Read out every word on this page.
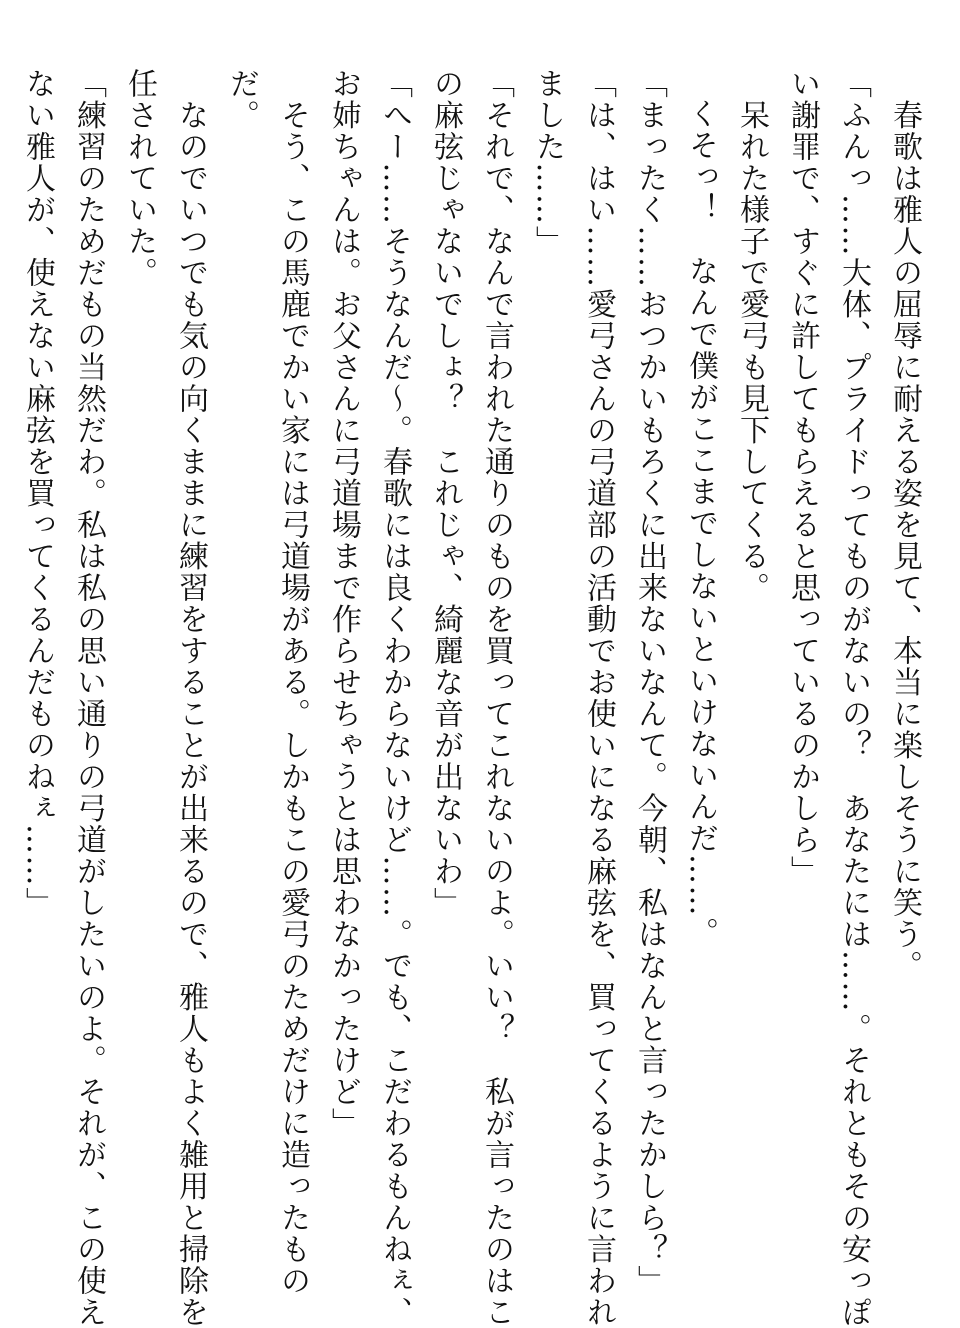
　春歌は雅人の屈辱に耐える姿を見て、本当に楽しそうに笑う。
「ふんっ……大体、プライドってものがないの？　あなたには……。それともその安っぽ
い謝罪で、すぐに許してもらえると思っているのかしら」
　呆れた様子で愛弓も見下してくる。
くそっ！　なんで僕がここまでしないといけないんだ……。
「まったく……おつかいもろくに出来ないなんて。今朝、私はなんと言ったかしら？」
「は、はい……愛弓さんの弓道部の活動でお使いになる麻弦を、買ってくるように言われ
ました……」
「それで、なんで言われた通りのものを買ってこれないのよ。いい？　私が言ったのはこ
の麻弦じゃないでしょ？　これじゃ、綺麗な音が出ないわ」
「へー……そうなんだ～。春歌には良くわからないけど……。でも、こだわるもんねぇ、
お姉ちゃんは。お父さんに弓道場まで作らせちゃうとは思わなかったけど」
　そう、この馬鹿でかい家には弓道場がある。しかもこの愛弓のためだけに造ったもの
だ。
　なのでいつでも気の向くままに練習をすることが出来るので、雅人もよく雑用と掃除を
任されていた。
「練習のためだもの当然だわ。私は私の思い通りの弓道がしたいのよ。それが、この使え
ない雅人が、使えない麻弦を買ってくるんだものねぇ……」
